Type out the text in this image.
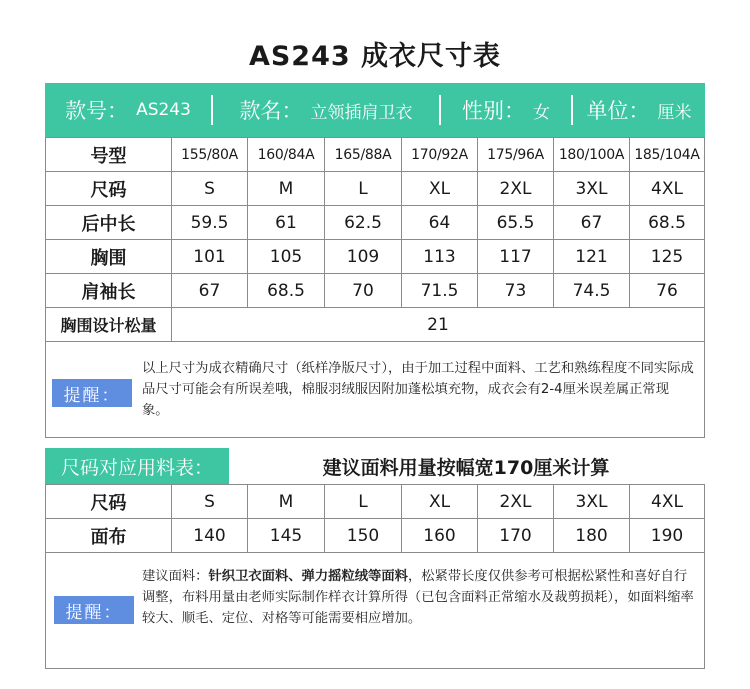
AS243 成衣尺寸表
款号： AS243 款名： 立领插肩卫衣 性别： 女 单位： 厘米
号型	155/80A	160/84A	165/88A	170/92A	175/96A	180/100A	185/104A
尺码	S	M	L	XL	2XL	3XL	4XL
后中长	59.5	61	62.5	64	65.5	67	68.5
胸围	101	105	109	113	117	121	125
肩袖长	67	68.5	70	71.5	73	74.5	76
胸围设计松量	21						
提醒：
以上尺寸为成衣精确尺寸（纸样净版尺寸），由于加工过程中面料、工艺和熟练程度不同实际成品尺寸可能会有所误差哦，棉服羽绒服因附加蓬松填充物，成衣会有2-4厘米误差属正常现象。
尺码对应用料表：	建议面料用量按幅宽170厘米计算
尺码	S	M	L	XL	2XL	3XL	4XL
面布	140	145	150	160	170	180	190
提醒：
建议面料：针织卫衣面料、弹力摇粒绒等面料，松紧带长度仅供参考可根据松紧性和喜好自行调整，布料用量由老师实际制作样衣计算所得（已包含面料正常缩水及裁剪损耗），如面料缩率较大、顺毛、定位、对格等可能需要相应增加。
